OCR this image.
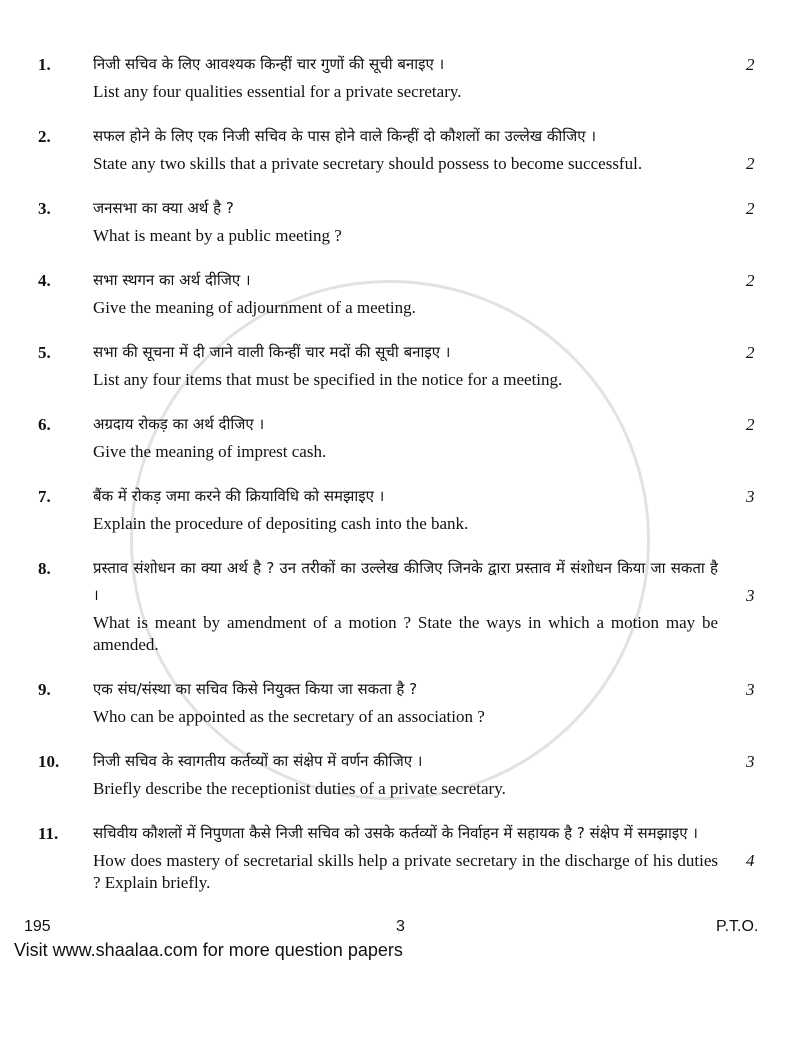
1.	निजी सचिव के लिए आवश्यक किन्हीं चार गुणों की सूची बनाइए ।
List any four qualities essential for a private secretary.
2
2.	सफल होने के लिए एक निजी सचिव के पास होने वाले किन्हीं दो कौशलों का उल्लेख कीजिए ।
State any two skills that a private secretary should possess to become successful.	2
3.	जनसभा का क्या अर्थ है ?
What is meant by a public meeting ?
2
4.	सभा स्थगन का अर्थ दीजिए ।
Give the meaning of adjournment of a meeting.
2
5.	सभा की सूचना में दी जाने वाली किन्हीं चार मदों की सूची बनाइए ।
List any four items that must be specified in the notice for a meeting.
2
6.	अग्रदाय रोकड़ का अर्थ दीजिए ।
Give the meaning of imprest cash.
2
7.	बैंक में रोकड़ जमा करने की क्रियाविधि को समझाइए ।
Explain the procedure of depositing cash into the bank.
3
8.	प्रस्ताव संशोधन का क्या अर्थ है ? उन तरीकों का उल्लेख कीजिए जिनके द्वारा प्रस्ताव में संशोधन किया जा सकता है ।
What is meant by amendment of a motion ? State the ways in which a motion may be amended.
3
9.	एक संघ/संस्था का सचिव किसे नियुक्त किया जा सकता है ?
Who can be appointed as the secretary of an association ?
3
10. निजी सचिव के स्वागतीय कर्तव्यों का संक्षेप में वर्णन कीजिए ।
Briefly describe the receptionist duties of a private secretary.
3
11. सचिवीय कौशलों में निपुणता कैसे निजी सचिव को उसके कर्तव्यों के निर्वाहन में सहायक है ? संक्षेप में समझाइए ।
How does mastery of secretarial skills help a private secretary in the discharge of his duties ? Explain briefly.
4
195	3	P.T.O.
Visit www.shaalaa.com for more question papers
